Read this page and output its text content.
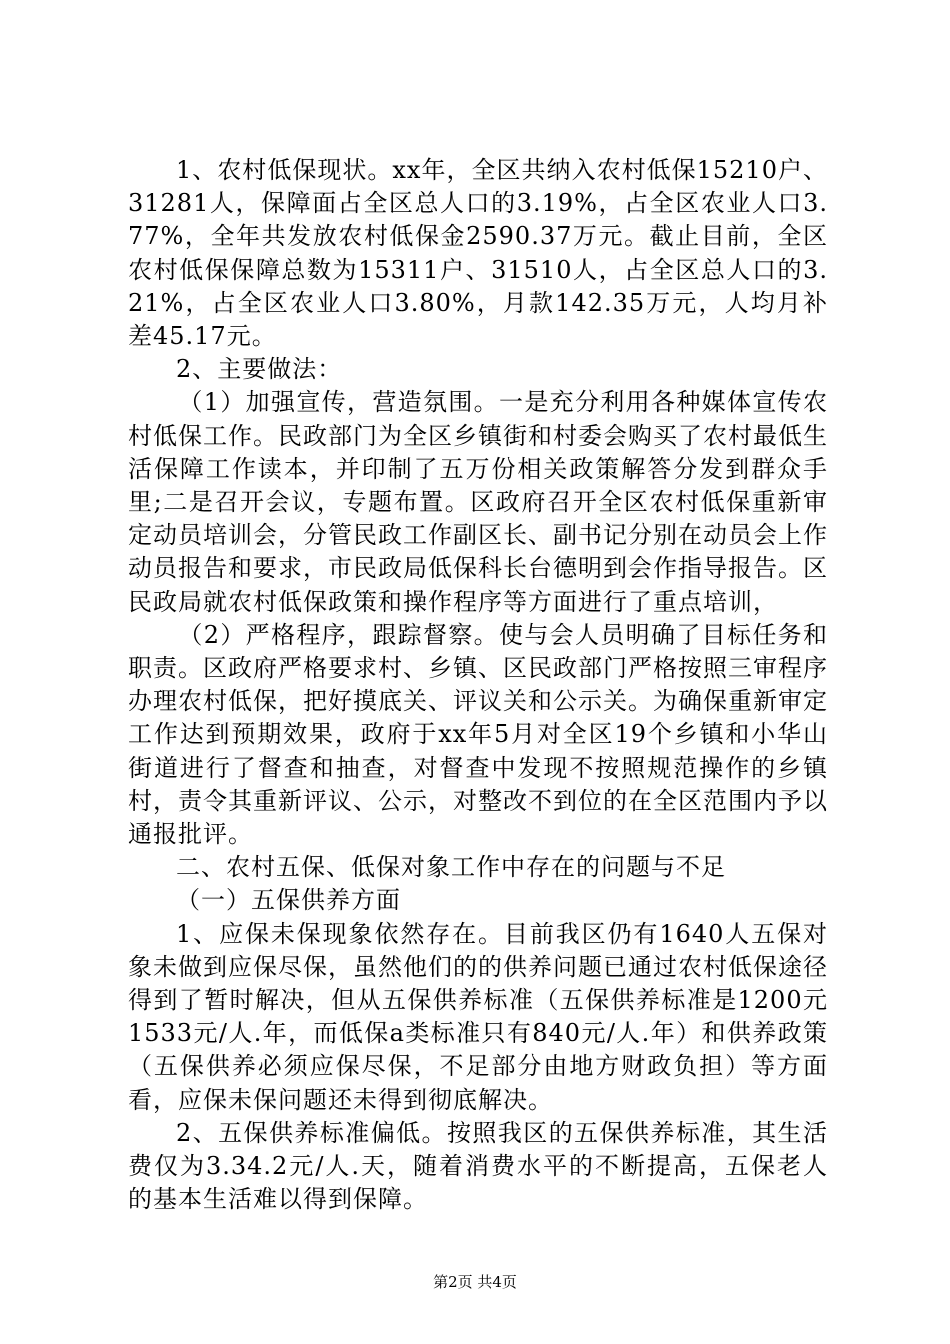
1、农村低保现状。xx年，全区共纳入农村低保15210户、31281人，保障面占全区总人口的3.19%，占全区农业人口3.77%，全年共发放农村低保金2590.37万元。截止目前，全区农村低保保障总数为15311户、31510人，占全区总人口的3.21%，占全区农业人口3.80%，月款142.35万元，人均月补差45.17元。

2、主要做法：

（1）加强宣传，营造氛围。一是充分利用各种媒体宣传农村低保工作。民政部门为全区乡镇街和村委会购买了农村最低生活保障工作读本，并印制了五万份相关政策解答分发到群众手里;二是召开会议，专题布置。区政府召开全区农村低保重新审定动员培训会，分管民政工作副区长、副书记分别在动员会上作动员报告和要求，市民政局低保科长台德明到会作指导报告。区民政局就农村低保政策和操作程序等方面进行了重点培训，

（2）严格程序，跟踪督察。使与会人员明确了目标任务和职责。区政府严格要求村、乡镇、区民政部门严格按照三审程序办理农村低保，把好摸底关、评议关和公示关。为确保重新审定工作达到预期效果，政府于xx年5月对全区19个乡镇和小华山街道进行了督查和抽查，对督查中发现不按照规范操作的乡镇村，责令其重新评议、公示，对整改不到位的在全区范围内予以通报批评。

二、农村五保、低保对象工作中存在的问题与不足

（一）五保供养方面

1、应保未保现象依然存在。目前我区仍有1640人五保对象未做到应保尽保，虽然他们的的供养问题已通过农村低保途径得到了暂时解决，但从五保供养标准（五保供养标准是1200元1533元/人.年，而低保a类标准只有840元/人.年）和供养政策（五保供养必须应保尽保，不足部分由地方财政负担）等方面看，应保未保问题还未得到彻底解决。

2、五保供养标准偏低。按照我区的五保供养标准，其生活费仅为3.34.2元/人.天，随着消费水平的不断提高，五保老人的基本生活难以得到保障。

第2页 共4页
